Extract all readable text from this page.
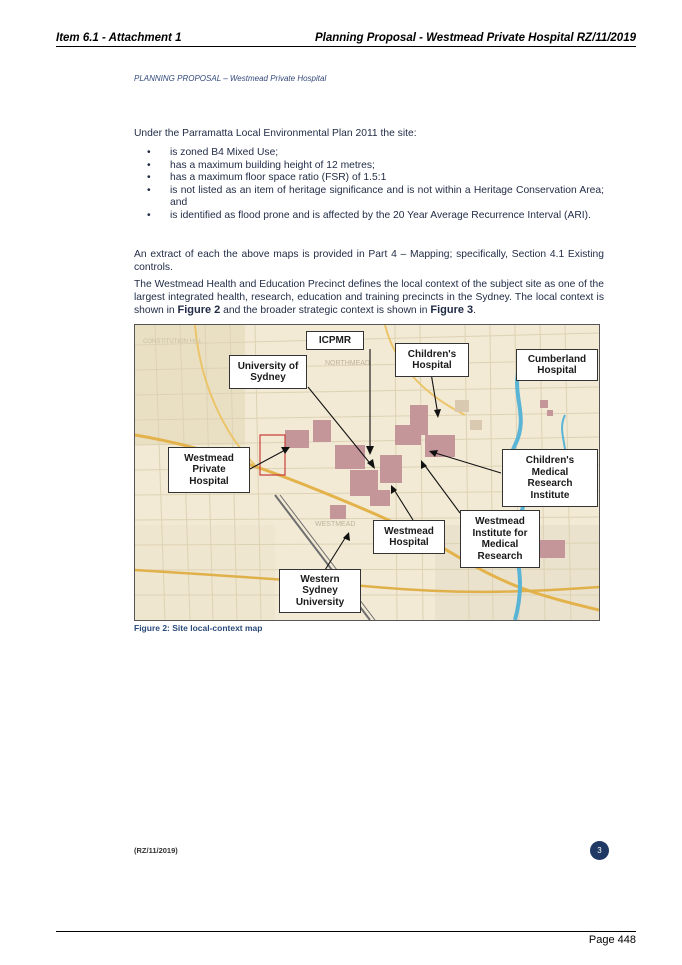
Item 6.1 - Attachment 1	Planning Proposal - Westmead Private Hospital RZ/11/2019
PLANNING PROPOSAL – Westmead Private Hospital
Under the Parramatta Local Environmental Plan 2011 the site:
• is zoned B4 Mixed Use;
• has a maximum building height of 12 metres;
• has a maximum floor space ratio (FSR) of 1.5:1
• is not listed as an item of heritage significance and is not within a Heritage Conservation Area; and
• is identified as flood prone and is affected by the 20 Year Average Recurrence Interval (ARI).
An extract of each the above maps is provided in Part 4 – Mapping; specifically, Section 4.1 Existing controls.
The Westmead Health and Education Precinct defines the local context of the subject site as one of the largest integrated health, research, education and training precincts in the Sydney. The local context is shown in Figure 2 and the broader strategic context is shown in Figure 3.
NORTHMEAD
WESTMEAD
CONSTITUTION HILL	ICPMR
University of
Sydney
Children's
Hospital
Cumberland
Hospital
Westmead
Private
Hospital
Children's
Medical
Research
Institute
Westmead
Hospital
Westmead
Institute for
Medical
Research
Western
Sydney
University
Figure 2: Site local-context map
(RZ/11/2019)	3
Page 448
